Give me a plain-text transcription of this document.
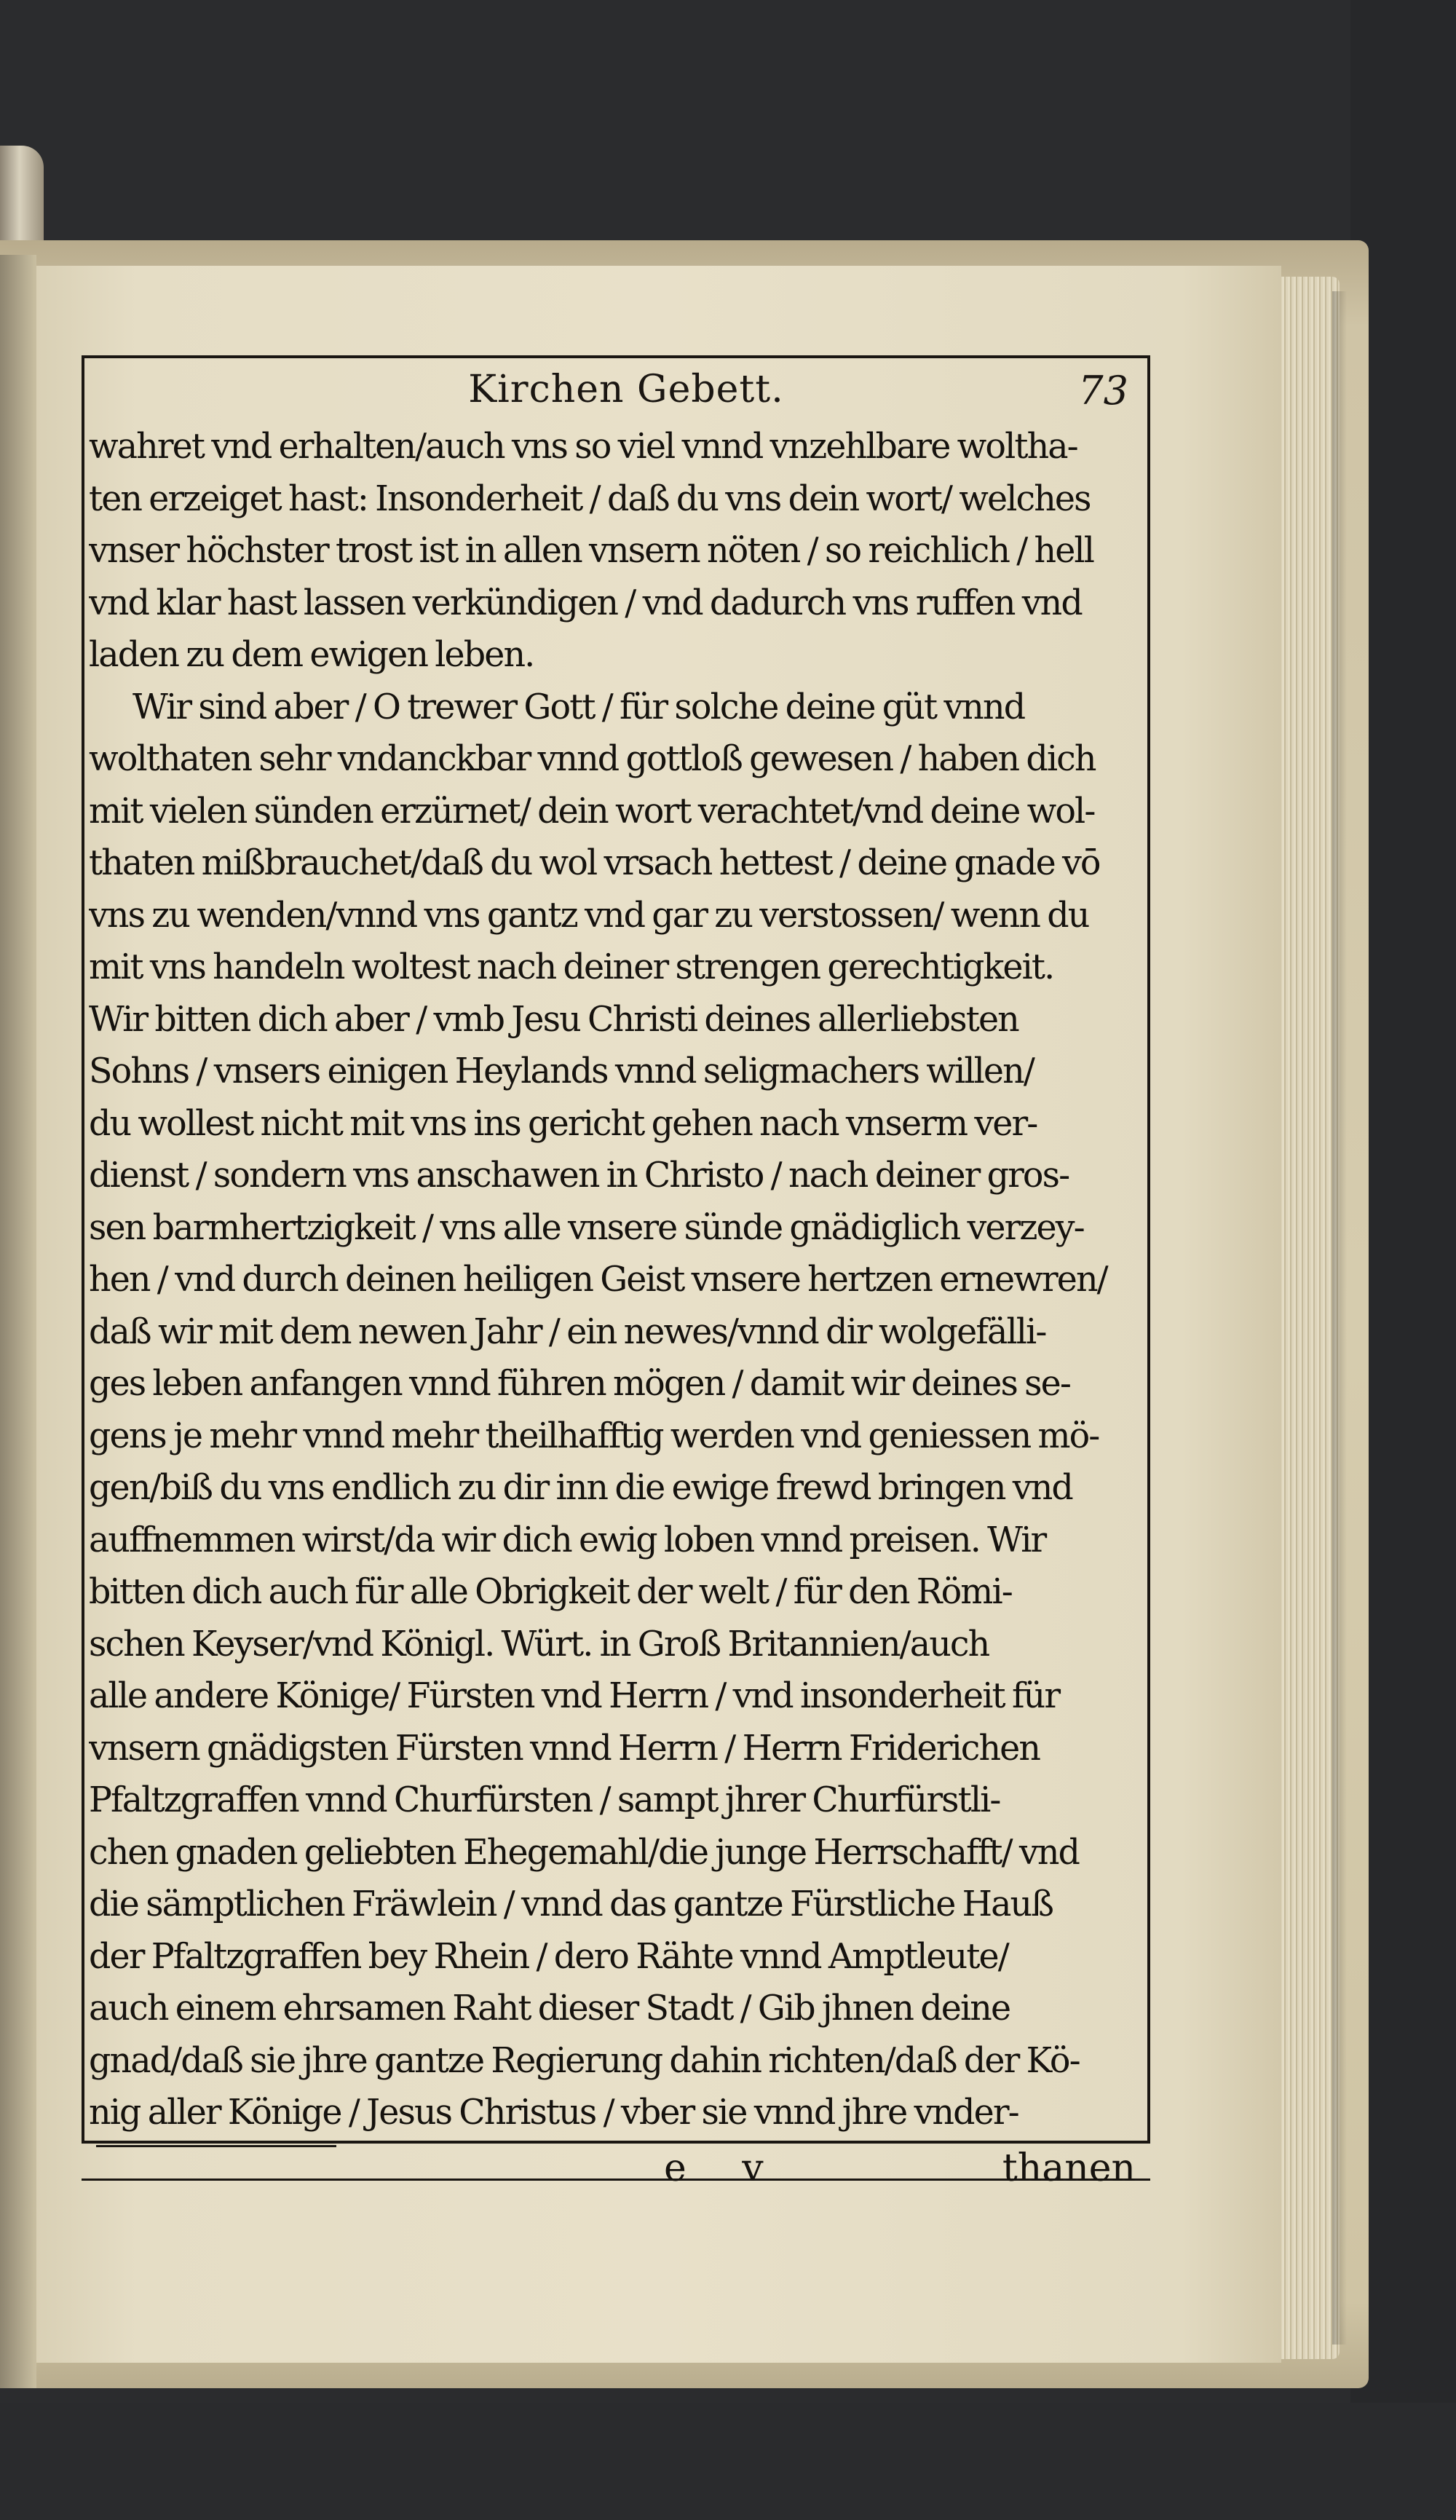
Kirchen Gebett.	73
wahret vnd erhalten/auch vns so viel vnnd vnzehlbare woltha-
ten erzeiget hast: Insonderheit / daß du vns dein wort/ welches
vnser höchster trost ist in allen vnsern nöten / so reichlich / hell
vnd klar hast lassen verkündigen / vnd dadurch vns ruffen vnd
laden zu dem ewigen leben.
Wir sind aber / O trewer Gott / für solche deine güt vnnd
wolthaten sehr vndanckbar vnnd gottloß gewesen / haben dich
mit vielen sünden erzürnet/ dein wort verachtet/vnd deine wol-
thaten mißbrauchet/daß du wol vrsach hettest / deine gnade vō
vns zu wenden/vnnd vns gantz vnd gar zu verstossen/ wenn du
mit vns handeln woltest nach deiner strengen gerechtigkeit.
Wir bitten dich aber / vmb Jesu Christi deines allerliebsten
Sohns / vnsers einigen Heylands vnnd seligmachers willen/
du wollest nicht mit vns ins gericht gehen nach vnserm ver-
dienst / sondern vns anschawen in Christo / nach deiner gros-
sen barmhertzigkeit / vns alle vnsere sünde gnädiglich verzey-
hen / vnd durch deinen heiligen Geist vnsere hertzen ernewren/
daß wir mit dem newen Jahr / ein newes/vnnd dir wolgefälli-
ges leben anfangen vnnd führen mögen / damit wir deines se-
gens je mehr vnnd mehr theilhafftig werden vnd geniessen mö-
gen/biß du vns endlich zu dir inn die ewige frewd bringen vnd
auffnemmen wirst/da wir dich ewig loben vnnd preisen. Wir
bitten dich auch für alle Obrigkeit der welt / für den Römi-
schen Keyser/vnd Königl. Würt. in Groß Britannien/auch
alle andere Könige/ Fürsten vnd Herrn / vnd insonderheit für
vnsern gnädigsten Fürsten vnnd Herrn / Herrn Friderichen
Pfaltzgraffen vnnd Churfürsten / sampt jhrer Churfürstli-
chen gnaden geliebten Ehegemahl/die junge Herrschafft/ vnd
die sämptlichen Fräwlein / vnnd das gantze Fürstliche Hauß
der Pfaltzgraffen bey Rhein / dero Rähte vnnd Amptleute/
auch einem ehrsamen Raht dieser Stadt / Gib jhnen deine
gnad/daß sie jhre gantze Regierung dahin richten/daß der Kö-
nig aller Könige / Jesus Christus / vber sie vnnd jhre vnder-
e v	thanen
